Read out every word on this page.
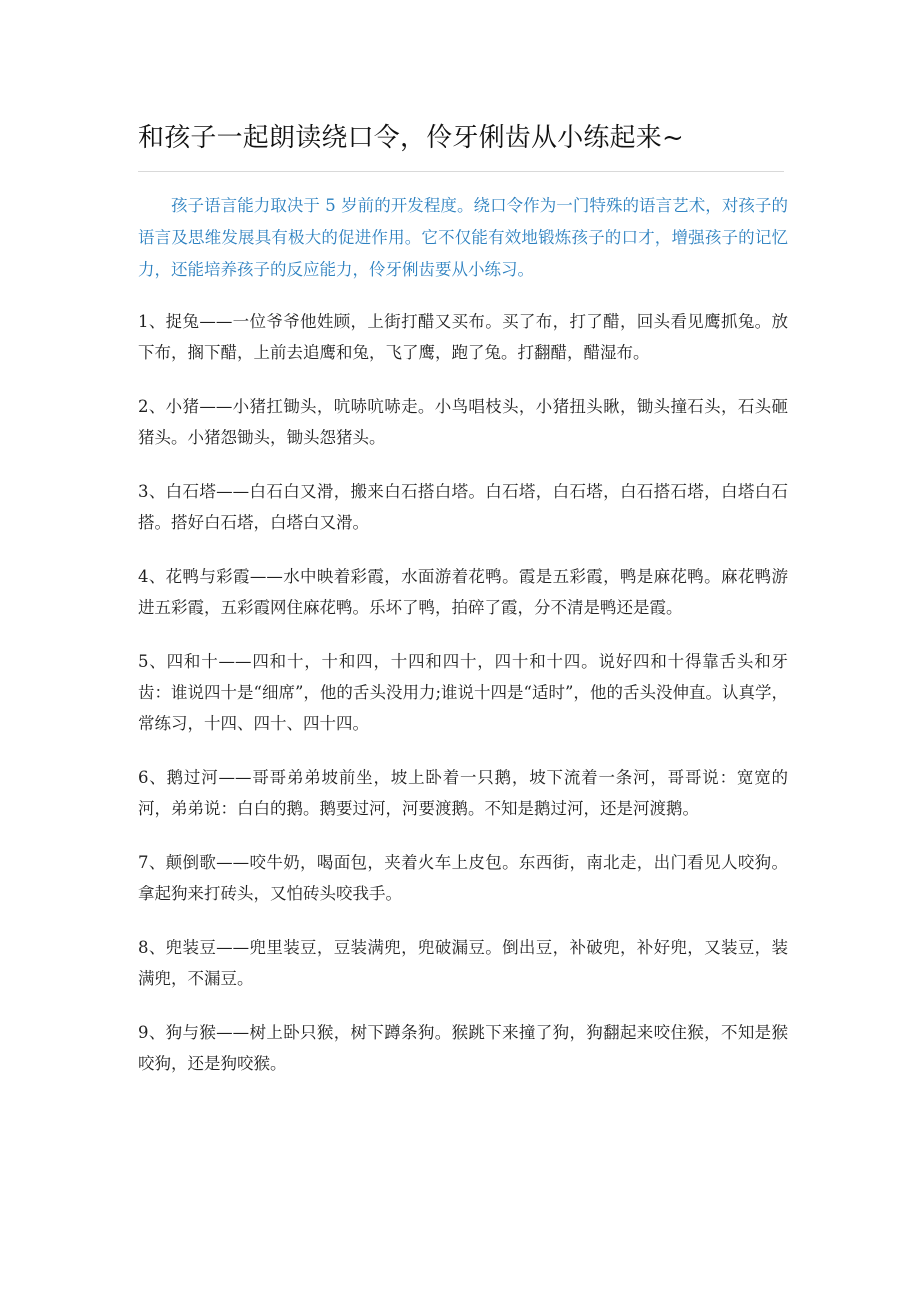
和孩子一起朗读绕口令，伶牙俐齿从小练起来~
孩子语言能力取决于 5 岁前的开发程度。绕口令作为一门特殊的语言艺术，对孩子的语言及思维发展具有极大的促进作用。它不仅能有效地锻炼孩子的口才，增强孩子的记忆力，还能培养孩子的反应能力，伶牙俐齿要从小练习。

1、捉兔——一位爷爷他姓顾，上街打醋又买布。买了布，打了醋，回头看见鹰抓兔。放下布，搁下醋，上前去追鹰和兔，飞了鹰，跑了兔。打翻醋，醋湿布。

2、小猪——小猪扛锄头，吭哧吭哧走。小鸟唱枝头，小猪扭头瞅，锄头撞石头，石头砸猪头。小猪怨锄头，锄头怨猪头。

3、白石塔——白石白又滑，搬来白石搭白塔。白石塔，白石塔，白石搭石塔，白塔白石搭。搭好白石塔，白塔白又滑。

4、花鸭与彩霞——水中映着彩霞，水面游着花鸭。霞是五彩霞，鸭是麻花鸭。麻花鸭游进五彩霞，五彩霞网住麻花鸭。乐坏了鸭，拍碎了霞，分不清是鸭还是霞。

5、四和十——四和十，十和四，十四和四十，四十和十四。说好四和十得靠舌头和牙齿：谁说四十是“细席”，他的舌头没用力;谁说十四是“适时”，他的舌头没伸直。认真学，常练习，十四、四十、四十四。

6、鹅过河——哥哥弟弟坡前坐，坡上卧着一只鹅，坡下流着一条河，哥哥说：宽宽的河，弟弟说：白白的鹅。鹅要过河，河要渡鹅。不知是鹅过河，还是河渡鹅。

7、颠倒歌——咬牛奶，喝面包，夹着火车上皮包。东西街，南北走，出门看见人咬狗。拿起狗来打砖头，又怕砖头咬我手。

8、兜装豆——兜里装豆，豆装满兜，兜破漏豆。倒出豆，补破兜，补好兜，又装豆，装满兜，不漏豆。

9、狗与猴——树上卧只猴，树下蹲条狗。猴跳下来撞了狗，狗翻起来咬住猴，不知是猴咬狗，还是狗咬猴。
